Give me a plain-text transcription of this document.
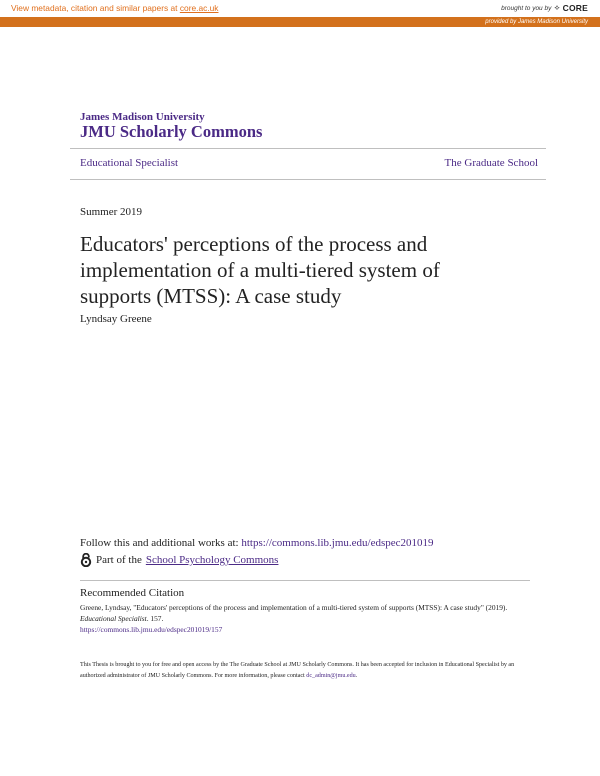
View metadata, citation and similar papers at core.ac.uk	brought to you by ⟡ CORE
provided by James Madison University
James Madison University
JMU Scholarly Commons
Educational Specialist	The Graduate School
Summer 2019
Educators' perceptions of the process and implementation of a multi-tiered system of supports (MTSS): A case study
Lyndsay Greene
Follow this and additional works at: https://commons.lib.jmu.edu/edspec201019
Part of the School Psychology Commons
Recommended Citation
Greene, Lyndsay, "Educators' perceptions of the process and implementation of a multi-tiered system of supports (MTSS): A case study" (2019). Educational Specialist. 157.
https://commons.lib.jmu.edu/edspec201019/157
This Thesis is brought to you for free and open access by the The Graduate School at JMU Scholarly Commons. It has been accepted for inclusion in Educational Specialist by an authorized administrator of JMU Scholarly Commons. For more information, please contact dc_admin@jmu.edu.
